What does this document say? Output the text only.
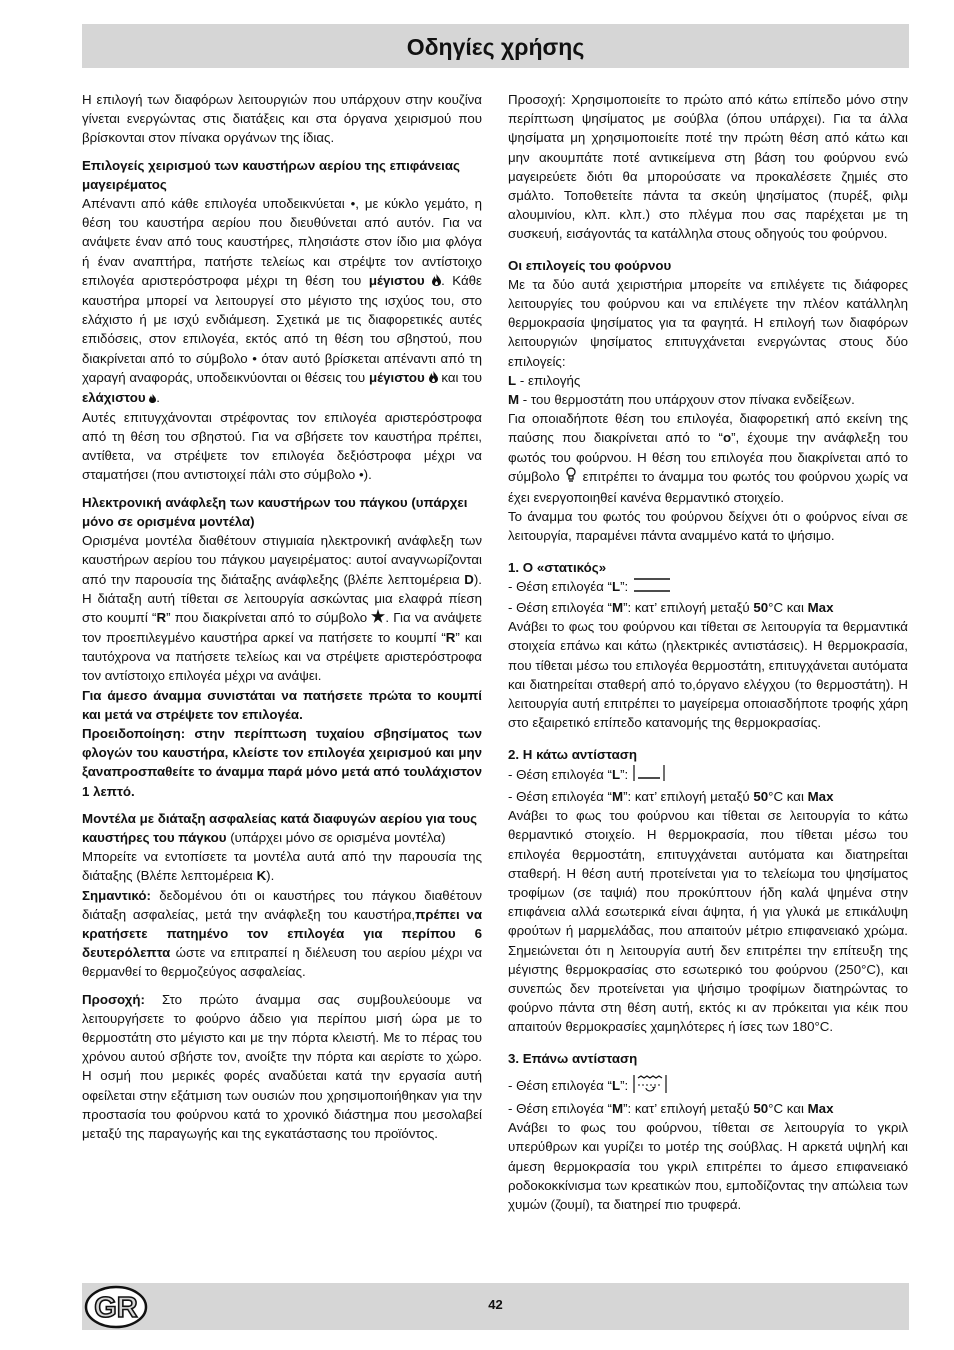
Οδηγίες χρήσης

Η επιλογή των διαφόρων λειτουργιών που υπάρχουν στην κουζίνα γίνεται ενεργώντας στις διατάξεις και στα όργανα χειρισμού που βρίσκονται στον πίνακα οργάνων της ίδιας.

Επιλογείς χειρισμού των καυστήρων αερίου της επιφάνειας μαγειρέματος

Απέναντι από κάθε επιλογέα υποδεικνύεται •, με κύκλο γεμάτο, η θέση του καυστήρα αερίου που διευθύνεται από αυτόν. Για να ανάψετε έναν από τους καυστήρες, πλησιάστε στον ίδιο μια φλόγα ή έναν αναπτήρα, πατήστε τελείως και στρέψτε τον αντίστοιχο επιλογέα αριστερόστροφα μέχρι τη θέση του μέγιστου . Κάθε καυστήρα μπορεί να λειτουργεί στο μέγιστο της ισχύος του, στο ελάχιστο ή με ισχύ ενδιάμεση. Σχετικά με τις διαφορετικές αυτές επιδόσεις, στον επιλογέα, εκτός από τη θέση του σβηστού, που διακρίνεται από το σύμβολο • όταν αυτό βρίσκεται απέναντι από τη χαραγή αναφοράς, υποδεικνύονται οι θέσεις του μέγιστου και του ελάχιστου .

Αυτές επιτυγχάνονται στρέφοντας τον επιλογέα αριστερόστροφα από τη θέση του σβηστού. Για να σβήσετε τον καυστήρα πρέπει, αντίθετα, να στρέψετε τον επιλογέα δεξιόστροφα μέχρι να σταματήσει (που αντιστοιχεί πάλι στο σύμβολο •).

Ηλεκτρονική ανάφλεξη των καυστήρων του πάγκου (υπάρχει μόνο σε ορισμένα μοντέλα)

Ορισμένα μοντέλα διαθέτουν στιγμιαία ηλεκτρονική ανάφλεξη των καυστήρων αερίου του πάγκου μαγειρέματος: αυτοί αναγνωρίζονται από την παρουσία της διάταξης ανάφλεξης (βλέπε λεπτομέρεια D). Η διάταξη αυτή τίθεται σε λειτουργία ασκώντας μια ελαφρά πίεση στο κουμπί “R” που διακρίνεται από το σύμβολο . Για να ανάψετε τον προεπιλεγμένο καυστήρα αρκεί να πατήσετε το κουμπί “R” και ταυτόχρονα να πατήσετε τελείως και να στρέψετε αριστερόστροφα τον αντίστοιχο επιλογέα μέχρι να ανάψει.

Για άμεσο άναμμα συνιστάται να πατήσετε πρώτα το κουμπί και μετά να στρέψετε τον επιλογέα.

Προειδοποίηση: στην περίπτωση τυχαίου σβησίματος των φλογών του καυστήρα, κλείστε τον επιλογέα χειρισμού και μην ξαναπροσπαθείτε το άναμμα παρά μόνο μετά από τουλάχιστον 1 λεπτό.

Μοντέλα με διάταξη ασφαλείας κατά διαφυγών αερίου για τους καυστήρες του πάγκου (υπάρχει μόνο σε ορισμένα μοντέλα)

Μπορείτε να εντοπίσετε τα μοντέλα αυτά από την παρουσία της διάταξης (Βλέπε λεπτομέρεια K).

Σημαντικό: δεδομένου ότι οι καυστήρες του πάγκου διαθέτουν διάταξη ασφαλείας, μετά την ανάφλεξη του καυστήρα,πρέπει να κρατήσετε πατημένο τον επιλογέα για περίπου 6 δευτερόλεπτα ώστε να επιτραπεί η διέλευση του αερίου μέχρι να θερμανθεί το θερμοζεύγος ασφαλείας.

Προσοχή: Στο πρώτο άναμμα σας συμβουλεύουμε να λειτουργήσετε το φούρνο άδειο για περίπου μισή ώρα με το θερμοστάτη στο μέγιστο και με την πόρτα κλειστή. Με το πέρας του χρόνου αυτού σβήστε τον, ανοίξτε την πόρτα και αερίστε το χώρο. Η οσμή που μερικές φορές αναδύεται κατά την εργασία αυτή οφείλεται στην εξάτμιση των ουσιών που χρησιμοποιήθηκαν για την προστασία του φούρνου κατά το χρονικό διάστημα που μεσολαβεί μεταξύ της παραγωγής και της εγκατάστασης του προϊόντος.

Προσοχή: Χρησιμοποιείτε το πρώτο από κάτω επίπεδο μόνο στην περίπτωση ψησίματος με σούβλα (όπου υπάρχει). Για τα άλλα ψησίματα μη χρησιμοποιείτε ποτέ την πρώτη θέση από κάτω και μην ακουμπάτε ποτέ αντικείμενα στη βάση του φούρνου ενώ μαγειρεύετε διότι θα μπορούσατε να προκαλέσετε ζημιές στο σμάλτο. Τοποθετείτε πάντα τα σκεύη ψησίματος (πυρέξ, φιλμ αλουμινίου, κλπ. κλπ.) στο πλέγμα που σας παρέχεται με τη συσκευή, εισάγοντάς τα κατάλληλα στους οδηγούς του φούρνου.

Οι επιλογείς του φούρνου

Με τα δύο αυτά χειριστήρια μπορείτε να επιλέγετε τις διάφορες λειτουργίες του φούρνου και να επιλέγετε την πλέον κατάλληλη θερμοκρασία ψησίματος για τα φαγητά. Η επιλογή των διαφόρων λειτουργιών ψησίματος επιτυγχάνεται ενεργώντας στους δύο επιλογείς:

L - επιλογής

M - του θερμοστάτη που υπάρχουν στον πίνακα ενδείξεων.

Για οποιαδήποτε θέση του επιλογέα, διαφορετική από εκείνη της παύσης που διακρίνεται από το “o”, έχουμε την ανάφλεξη του φωτός του φούρνου. Η θέση του επιλογέα που διακρίνεται από το σύμβολο επιτρέπει το άναμμα του φωτός του φούρνου χωρίς να έχει ενεργοποιηθεί κανένα θερμαντικό στοιχείο.

Το άναμμα του φωτός του φούρνου δείχνει ότι ο φούρνος είναι σε λειτουργία, παραμένει πάντα αναμμένο κατά το ψήσιμο.

1. Ο «στατικός»

- Θέση επιλογέα “L”:

- Θέση επιλογέα “M”: κατ’ επιλογή μεταξύ 50°C και Max

Ανάβει το φως του φούρνου και τίθεται σε λειτουργία τα θερμαντικά στοιχεία επάνω και κάτω (ηλεκτρικές αντιστάσεις). Η θερμοκρασία, που τίθεται μέσω του επιλογέα θερμοστάτη, επιτυγχάνεται αυτόματα και διατηρείται σταθερή από το,όργανο ελέγχου (το θερμοστάτη). Η λειτουργία αυτή επιτρέπει το μαγείρεμα οποιασδήποτε τροφής χάρη στο εξαιρετικό επίπεδο κατανομής της θερμοκρασίας.

2. Η κάτω αντίσταση

- Θέση επιλογέα “L”:

- Θέση επιλογέα “M”: κατ’ επιλογή μεταξύ 50°C και Max

Ανάβει το φως του φούρνου και τίθεται σε λειτουργία το κάτω θερμαντικό στοιχείο. Η θερμοκρασία, που τίθεται μέσω του επιλογέα θερμοστάτη, επιτυγχάνεται αυτόματα και διατηρείται σταθερή. Η θέση αυτή προτείνεται για το τελείωμα του ψησίματος τροφίμων (σε ταψιά) που προκύπτουν ήδη καλά ψημένα στην επιφάνεια αλλά εσωτερικά είναι άψητα, ή για γλυκά με επικάλυψη φρούτων ή μαρμελάδας, που απαιτούν μέτριο επιφανειακό χρώμα. Σημειώνεται ότι η λειτουργία αυτή δεν επιτρέπει την επίτευξη της μέγιστης θερμοκρασίας στο εσωτερικό του φούρνου (250°C), και συνεπώς δεν προτείνεται για ψήσιμο τροφίμων διατηρώντας το φούρνο πάντα στη θέση αυτή, εκτός κι αν πρόκειται για κέικ που απαιτούν θερμοκρασίες χαμηλότερες ή ίσες των 180°C.

3. Επάνω αντίσταση

- Θέση επιλογέα “L”:

- Θέση επιλογέα “M”: κατ’ επιλογή μεταξύ 50°C και Max

Ανάβει το φως του φούρνου, τίθεται σε λειτουργία το γκριλ υπερύθρων και γυρίζει το μοτέρ της σούβλας. Η αρκετά υψηλή και άμεση θερμοκρασία του γκριλ επιτρέπει το άμεσο επιφανειακό ροδοκοκκίνισμα των κρεατικών που, εμποδίζοντας την απώλεια των χυμών (ζουμί), τα διατηρεί πιο τρυφερά.

42
GR
